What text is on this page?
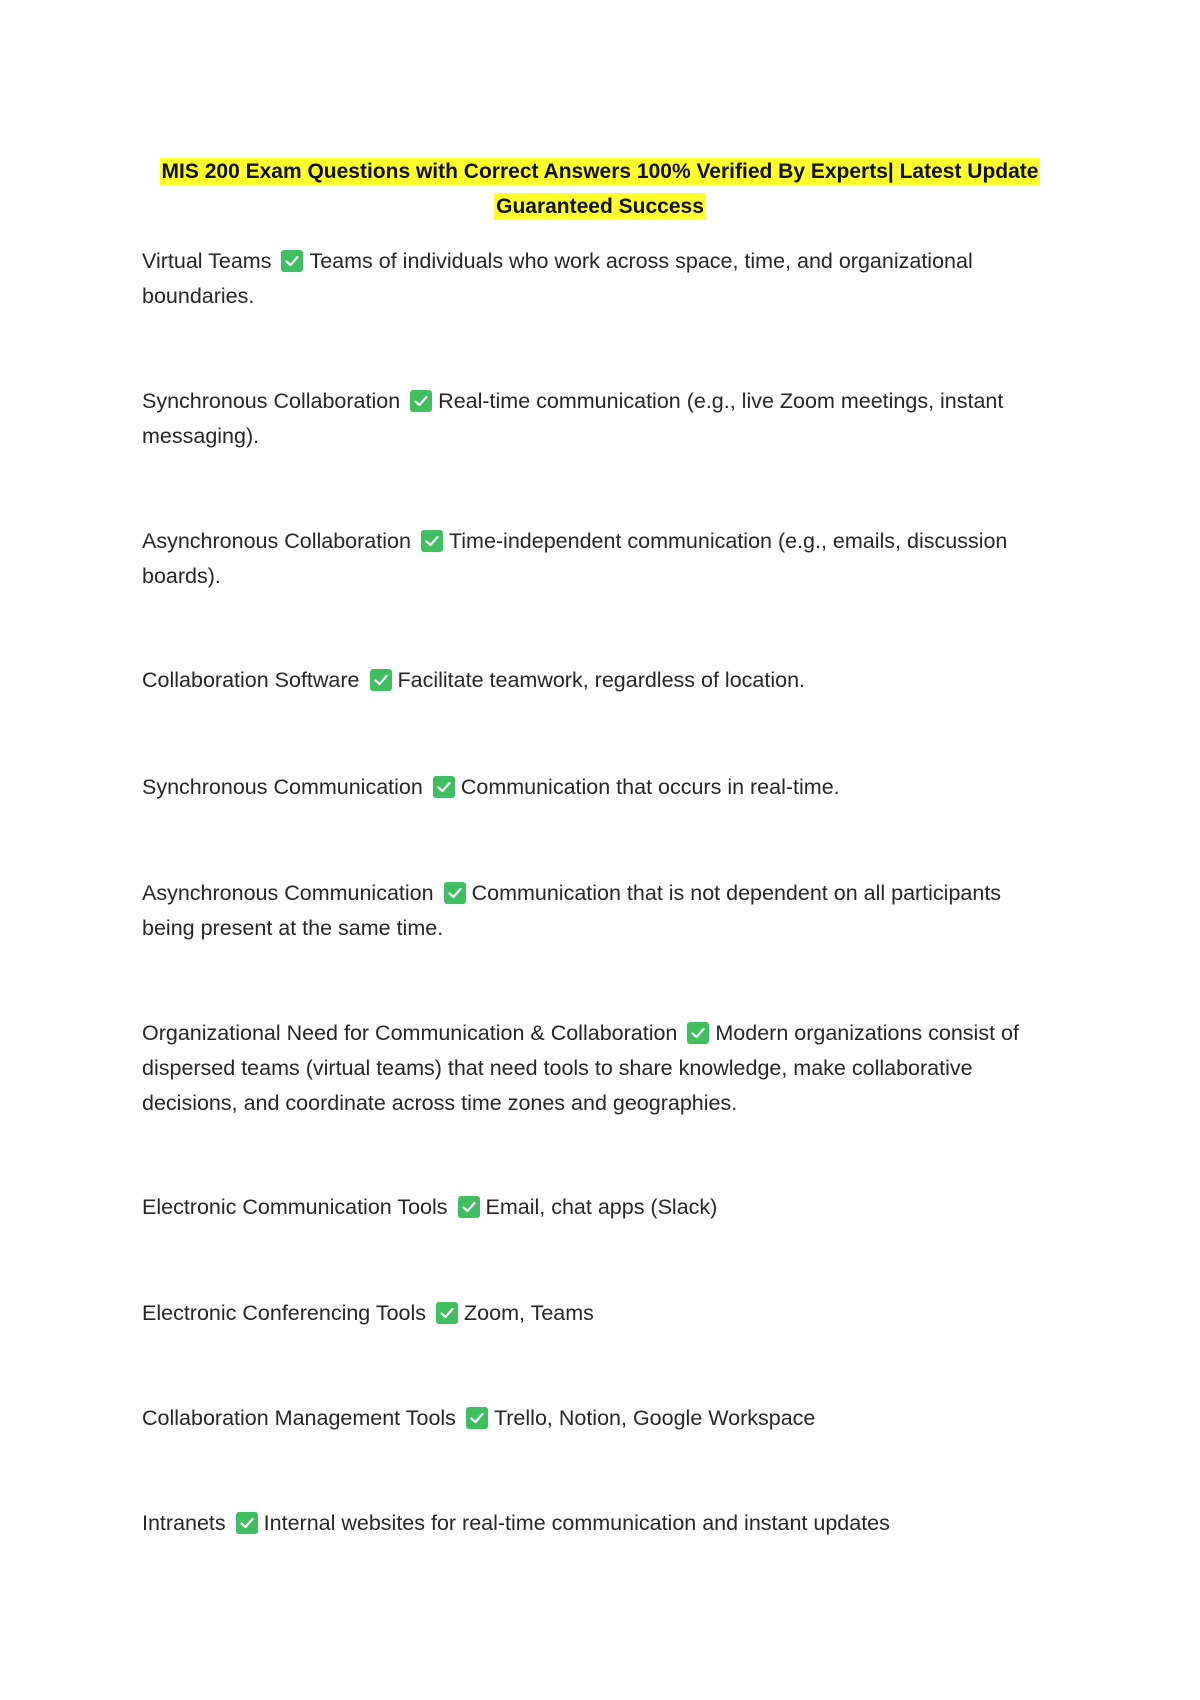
MIS 200 Exam Questions with Correct Answers 100% Verified By Experts| Latest Update
Guaranteed Success
Virtual Teams Teams of individuals who work across space, time, and organizational boundaries.
Synchronous Collaboration Real-time communication (e.g., live Zoom meetings, instant messaging).
Asynchronous Collaboration Time-independent communication (e.g., emails, discussion boards).
Collaboration Software Facilitate teamwork, regardless of location.
Synchronous Communication Communication that occurs in real-time.
Asynchronous Communication Communication that is not dependent on all participants being present at the same time.
Organizational Need for Communication & Collaboration Modern organizations consist of dispersed teams (virtual teams) that need tools to share knowledge, make collaborative decisions, and coordinate across time zones and geographies.
Electronic Communication Tools Email, chat apps (Slack)
Electronic Conferencing Tools Zoom, Teams
Collaboration Management Tools Trello, Notion, Google Workspace
Intranets Internal websites for real-time communication and instant updates
